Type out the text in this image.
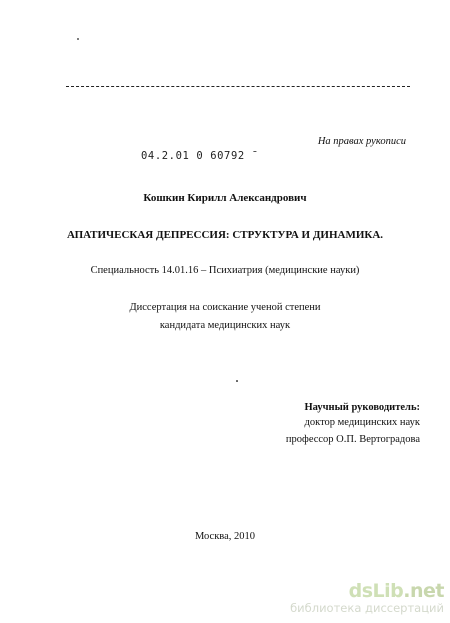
На правах рукописи
04.2.01 0 60792 ¯
Кошкин Кирилл Александрович
АПАТИЧЕСКАЯ ДЕПРЕССИЯ: СТРУКТУРА И ДИНАМИКА.
Специальность 14.01.16 – Психиатрия (медицинские науки)
Диссертация на соискание ученой степени
кандидата медицинских наук
Научный руководитель:
доктор медицинских наук
профессор О.П. Вертоградова
Москва, 2010
dsLib.net
библиотека диссертаций
